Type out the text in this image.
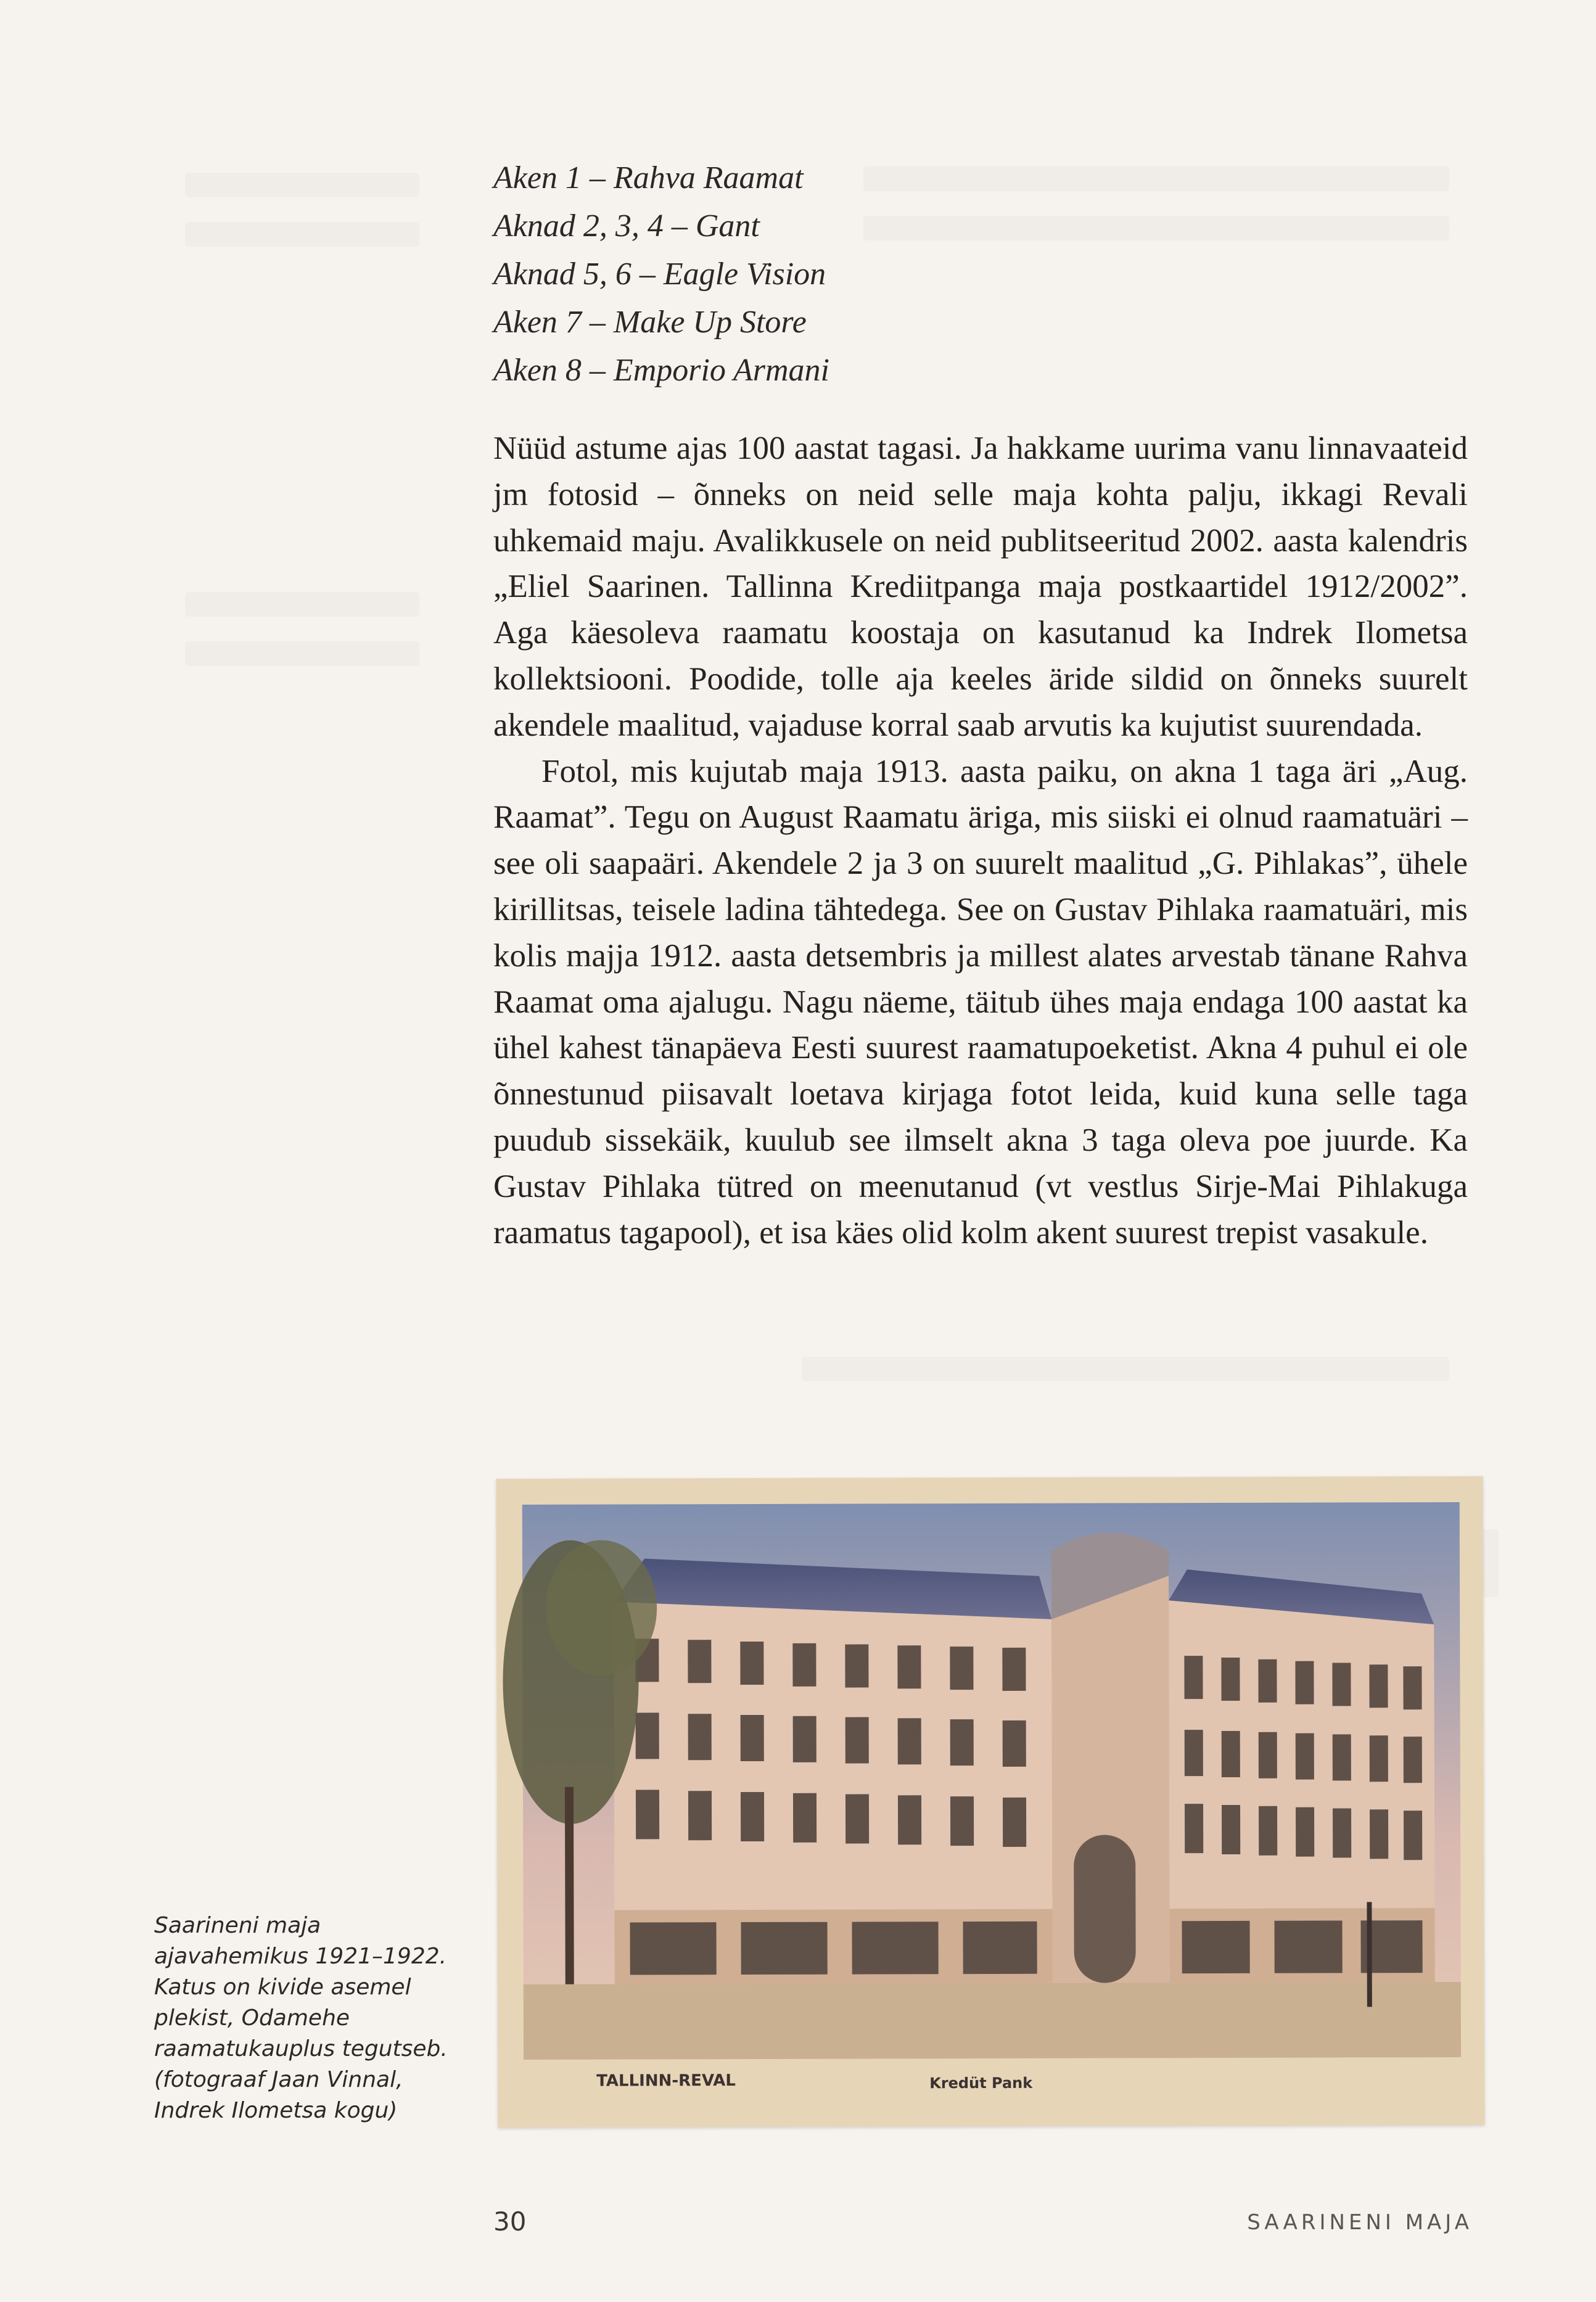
Aken 1 – Rahva Raamat
Aknad 2, 3, 4 – Gant
Aknad 5, 6 – Eagle Vision
Aken 7 – Make Up Store
Aken 8 – Emporio Armani

Nüüd astume ajas 100 aastat tagasi. Ja hakkame uurima vanu linnavaateid jm fotosid – õnneks on neid selle maja kohta palju, ikkagi Revali uhkemaid maju. Avalikkusele on neid publitseeritud 2002. aasta kalendris „Eliel Saarinen. Tallinna Krediitpanga maja postkaartidel 1912/2002”. Aga käesoleva raamatu koostaja on kasutanud ka Indrek Ilometsa kollektsiooni. Poodide, tolle aja keeles äride sildid on õnneks suurelt akendele maalitud, vajaduse korral saab arvutis ka kujutist suurendada.

Fotol, mis kujutab maja 1913. aasta paiku, on akna 1 taga äri „Aug. Raamat”. Tegu on August Raamatu äriga, mis siiski ei olnud raamatuäri – see oli saapaäri. Akendele 2 ja 3 on suurelt maalitud „G. Pihlakas”, ühele kirillitsas, teisele ladina tähtedega. See on Gustav Pihlaka raamatuäri, mis kolis majja 1912. aasta detsembris ja millest alates arvestab tänane Rahva Raamat oma ajalugu. Nagu näeme, täitub ühes maja endaga 100 aastat ka ühel kahest tänapäeva Eesti suurest raamatupoeketist. Akna 4 puhul ei ole õnnestunud piisavalt loetava kirjaga fotot leida, kuid kuna selle taga puudub sissekäik, kuulub see ilmselt akna 3 taga oleva poe juurde. Ka Gustav Pihlaka tütred on meenutanud (vt vestlus Sirje-Mai Pihlakuga raamatus tagapool), et isa käes olid kolm akent suurest trepist vasakule.

TALLINN-REVAL	Kredüt Pank
Saarineni maja ajavahemikus 1921–1922. Katus on kivide asemel plekist, Odamehe raamatukauplus tegutseb. (fotograaf Jaan Vinnal, Indrek Ilometsa kogu)
30	SAARINENI MAJA
